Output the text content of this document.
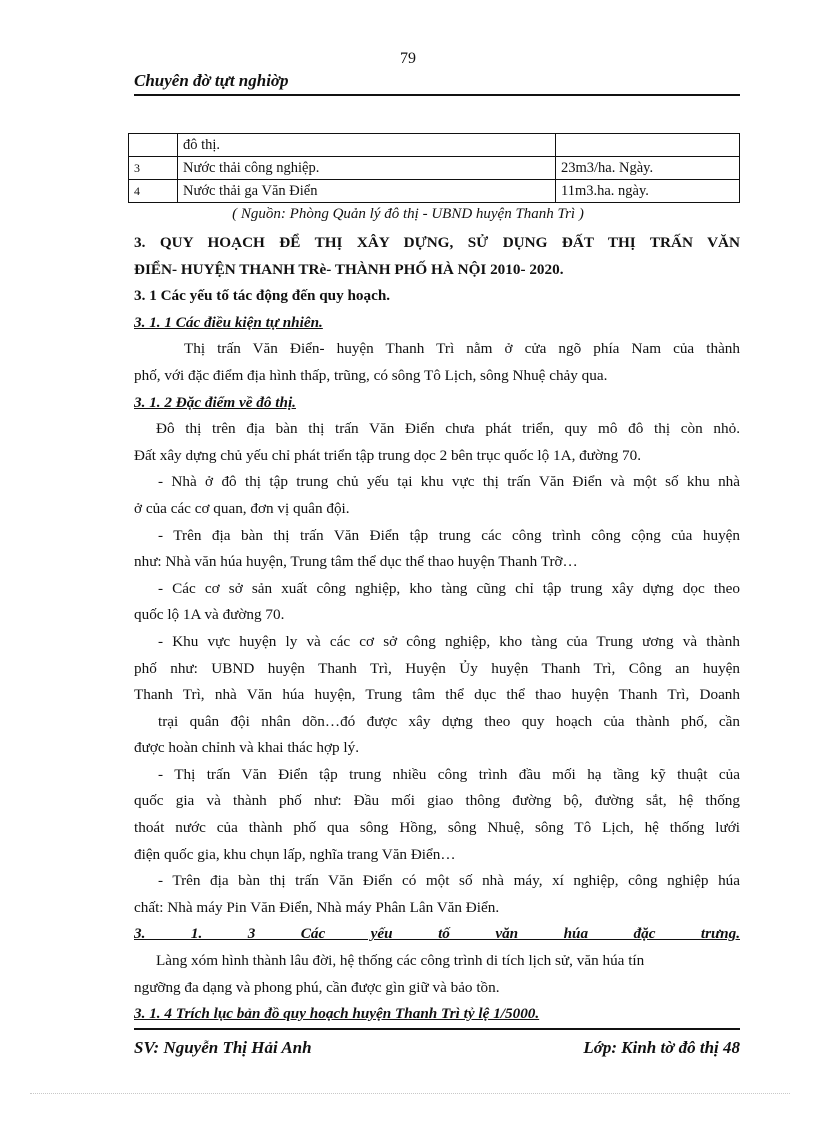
79
Chuyên đờ tựt nghiờp
	đô thị.	
3	Nước thải công nghiệp.	23m3/ha. Ngày.
4	Nước thải ga Văn Điển	11m3.ha. ngày.
( Nguồn: Phòng Quản lý đô thị - UBND huyện Thanh Trì )
3. QUY HOẠCH ĐỂ THỊ XÂY DỰNG, SỬ DỤNG ĐẤT THỊ TRẤN VĂN
ĐIỂN- HUYỆN THANH TRè- THÀNH PHỐ HÀ NỘI 2010- 2020.
3. 1 Các yếu tố tác động đến quy hoạch.
3. 1. 1 Các điều kiện tự nhiên.
Thị trấn Văn Điển- huyện Thanh Trì nằm ở cửa ngõ phía Nam của thành
phố, với đặc điểm địa hình thấp, trũng, có sông Tô Lịch, sông Nhuệ chảy qua.
3. 1. 2 Đặc điểm về đô thị.
Đô thị trên địa bàn thị trấn Văn Điển chưa phát triển, quy mô đô thị còn nhỏ.
Đất xây dựng chủ yếu chỉ phát triển tập trung dọc 2 bên trục quốc lộ 1A, đường 70.
- Nhà ở đô thị tập trung chủ yếu tại khu vực thị trấn Văn Điển và một số khu nhà
ở của các cơ quan, đơn vị quân đội.
- Trên địa bàn thị trấn Văn Điển tập trung các công trình công cộng của huyện
như: Nhà văn húa huyện, Trung tâm thể dục thể thao huyện Thanh Trỡ…
- Các cơ sở sản xuất công nghiệp, kho tàng cũng chỉ tập trung xây dựng dọc theo
quốc lộ 1A và đường 70.
- Khu vực huyện ly và các cơ sở công nghiệp, kho tàng của Trung ương và thành
phố như: UBND huyện Thanh Trì, Huyện Ủy huyện Thanh Trì, Công an huyện
Thanh Trì, nhà Văn húa huyện, Trung tâm thể dục thể thao huyện Thanh Trì, Doanh
trại quân đội nhân dõn…đó được xây dựng theo quy hoạch của thành phố, cần
được hoàn chỉnh và khai thác hợp lý.
- Thị trấn Văn Điển tập trung nhiều công trình đầu mối hạ tầng kỹ thuật của
quốc gia và thành phố như: Đầu mối giao thông đường bộ, đường sắt, hệ thống
thoát nước của thành phố qua sông Hồng, sông Nhuệ, sông Tô Lịch, hệ thống lưới
điện quốc gia, khu chụn lấp, nghĩa trang Văn Điển…
- Trên địa bàn thị trấn Văn Điển có một số nhà máy, xí nghiệp, công nghiệp húa
chất: Nhà máy Pin Văn Điển, Nhà máy Phân Lân Văn Điển.
3. 1. 3 Các yếu tố văn húa đặc trưng.
Làng xóm hình thành lâu đời, hệ thống các công trình di tích lịch sử, văn húa tín
ngưỡng đa dạng và phong phú, cần được gìn giữ và bảo tồn.
3. 1. 4 Trích lục bản đồ quy hoạch huyện Thanh Trì tỷ lệ 1/5000.
SV: Nguyễn Thị Hải Anh	Lớp: Kinh tờ đô thị 48
